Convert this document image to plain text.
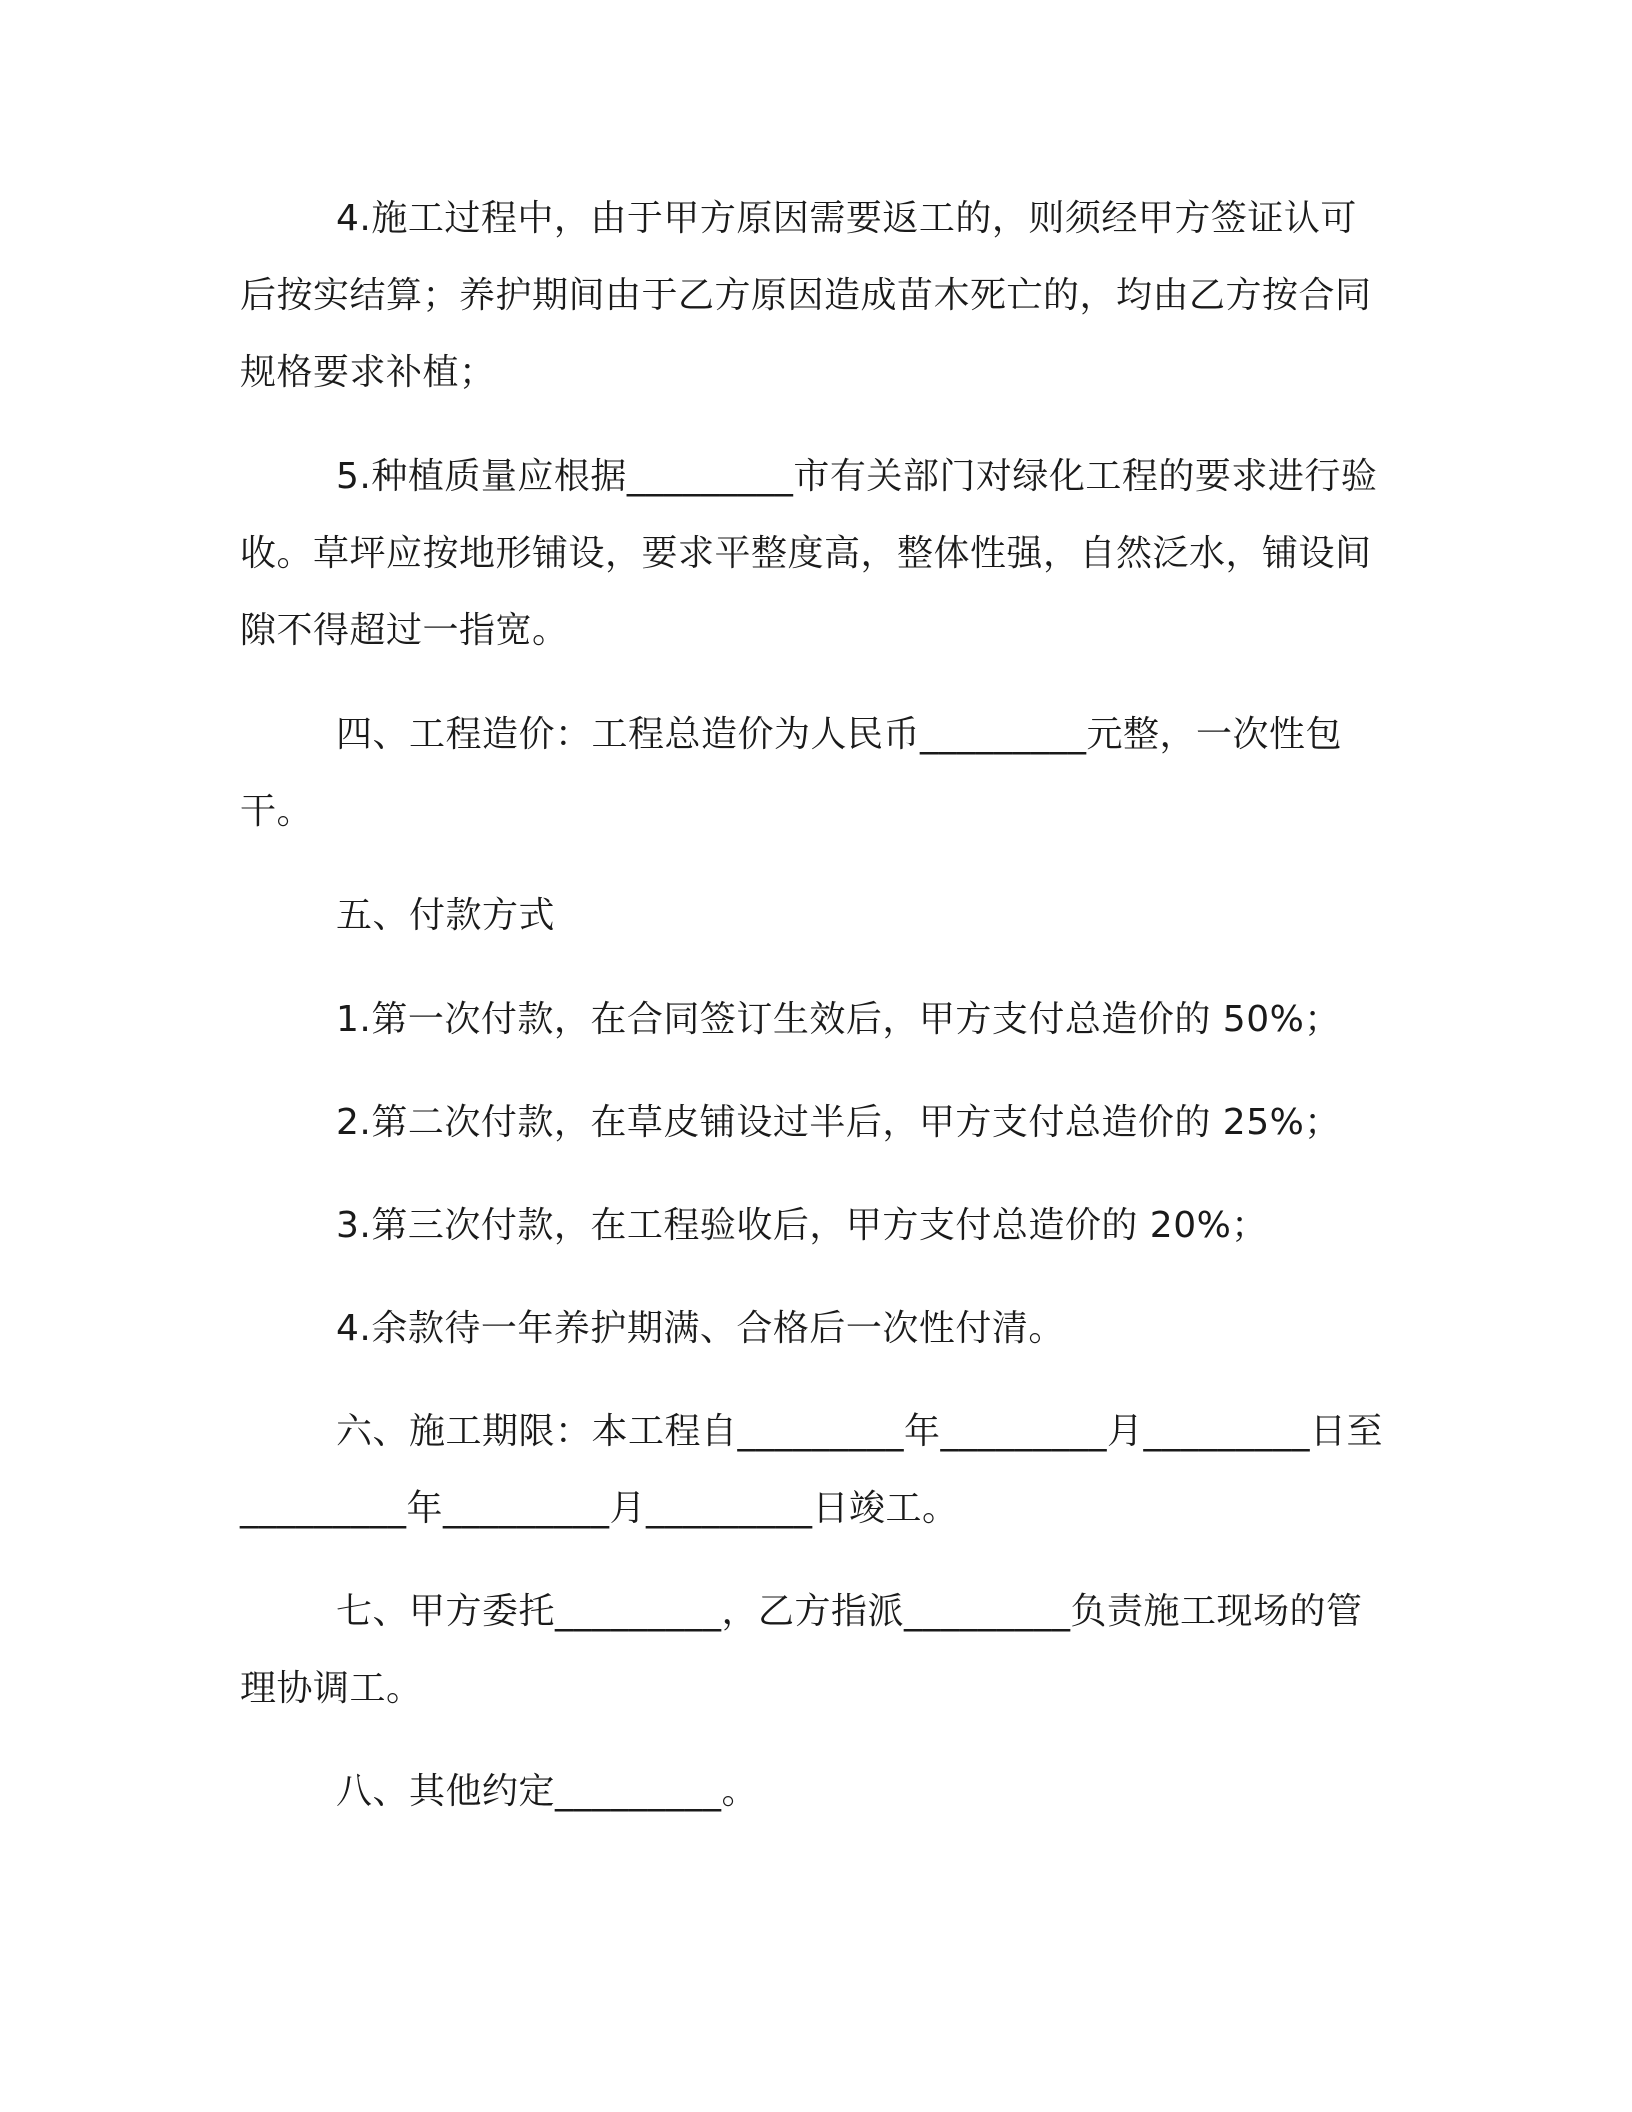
4.施工过程中，由于甲方原因需要返工的，则须经甲方签证认可后按实结算；养护期间由于乙方原因造成苗木死亡的，均由乙方按合同规格要求补植；

5.种植质量应根据_________市有关部门对绿化工程的要求进行验收。草坪应按地形铺设，要求平整度高，整体性强，自然泛水，铺设间隙不得超过一指宽。

四、工程造价：工程总造价为人民币_________元整，一次性包干。

五、付款方式

1.第一次付款，在合同签订生效后，甲方支付总造价的 50%；

2.第二次付款，在草皮铺设过半后，甲方支付总造价的 25%；

3.第三次付款，在工程验收后，甲方支付总造价的 20%；

4.余款待一年养护期满、合格后一次性付清。

六、施工期限：本工程自_________年_________月_________日至_________年_________月_________日竣工。

七、甲方委托_________，乙方指派_________负责施工现场的管理协调工。

八、其他约定_________。
